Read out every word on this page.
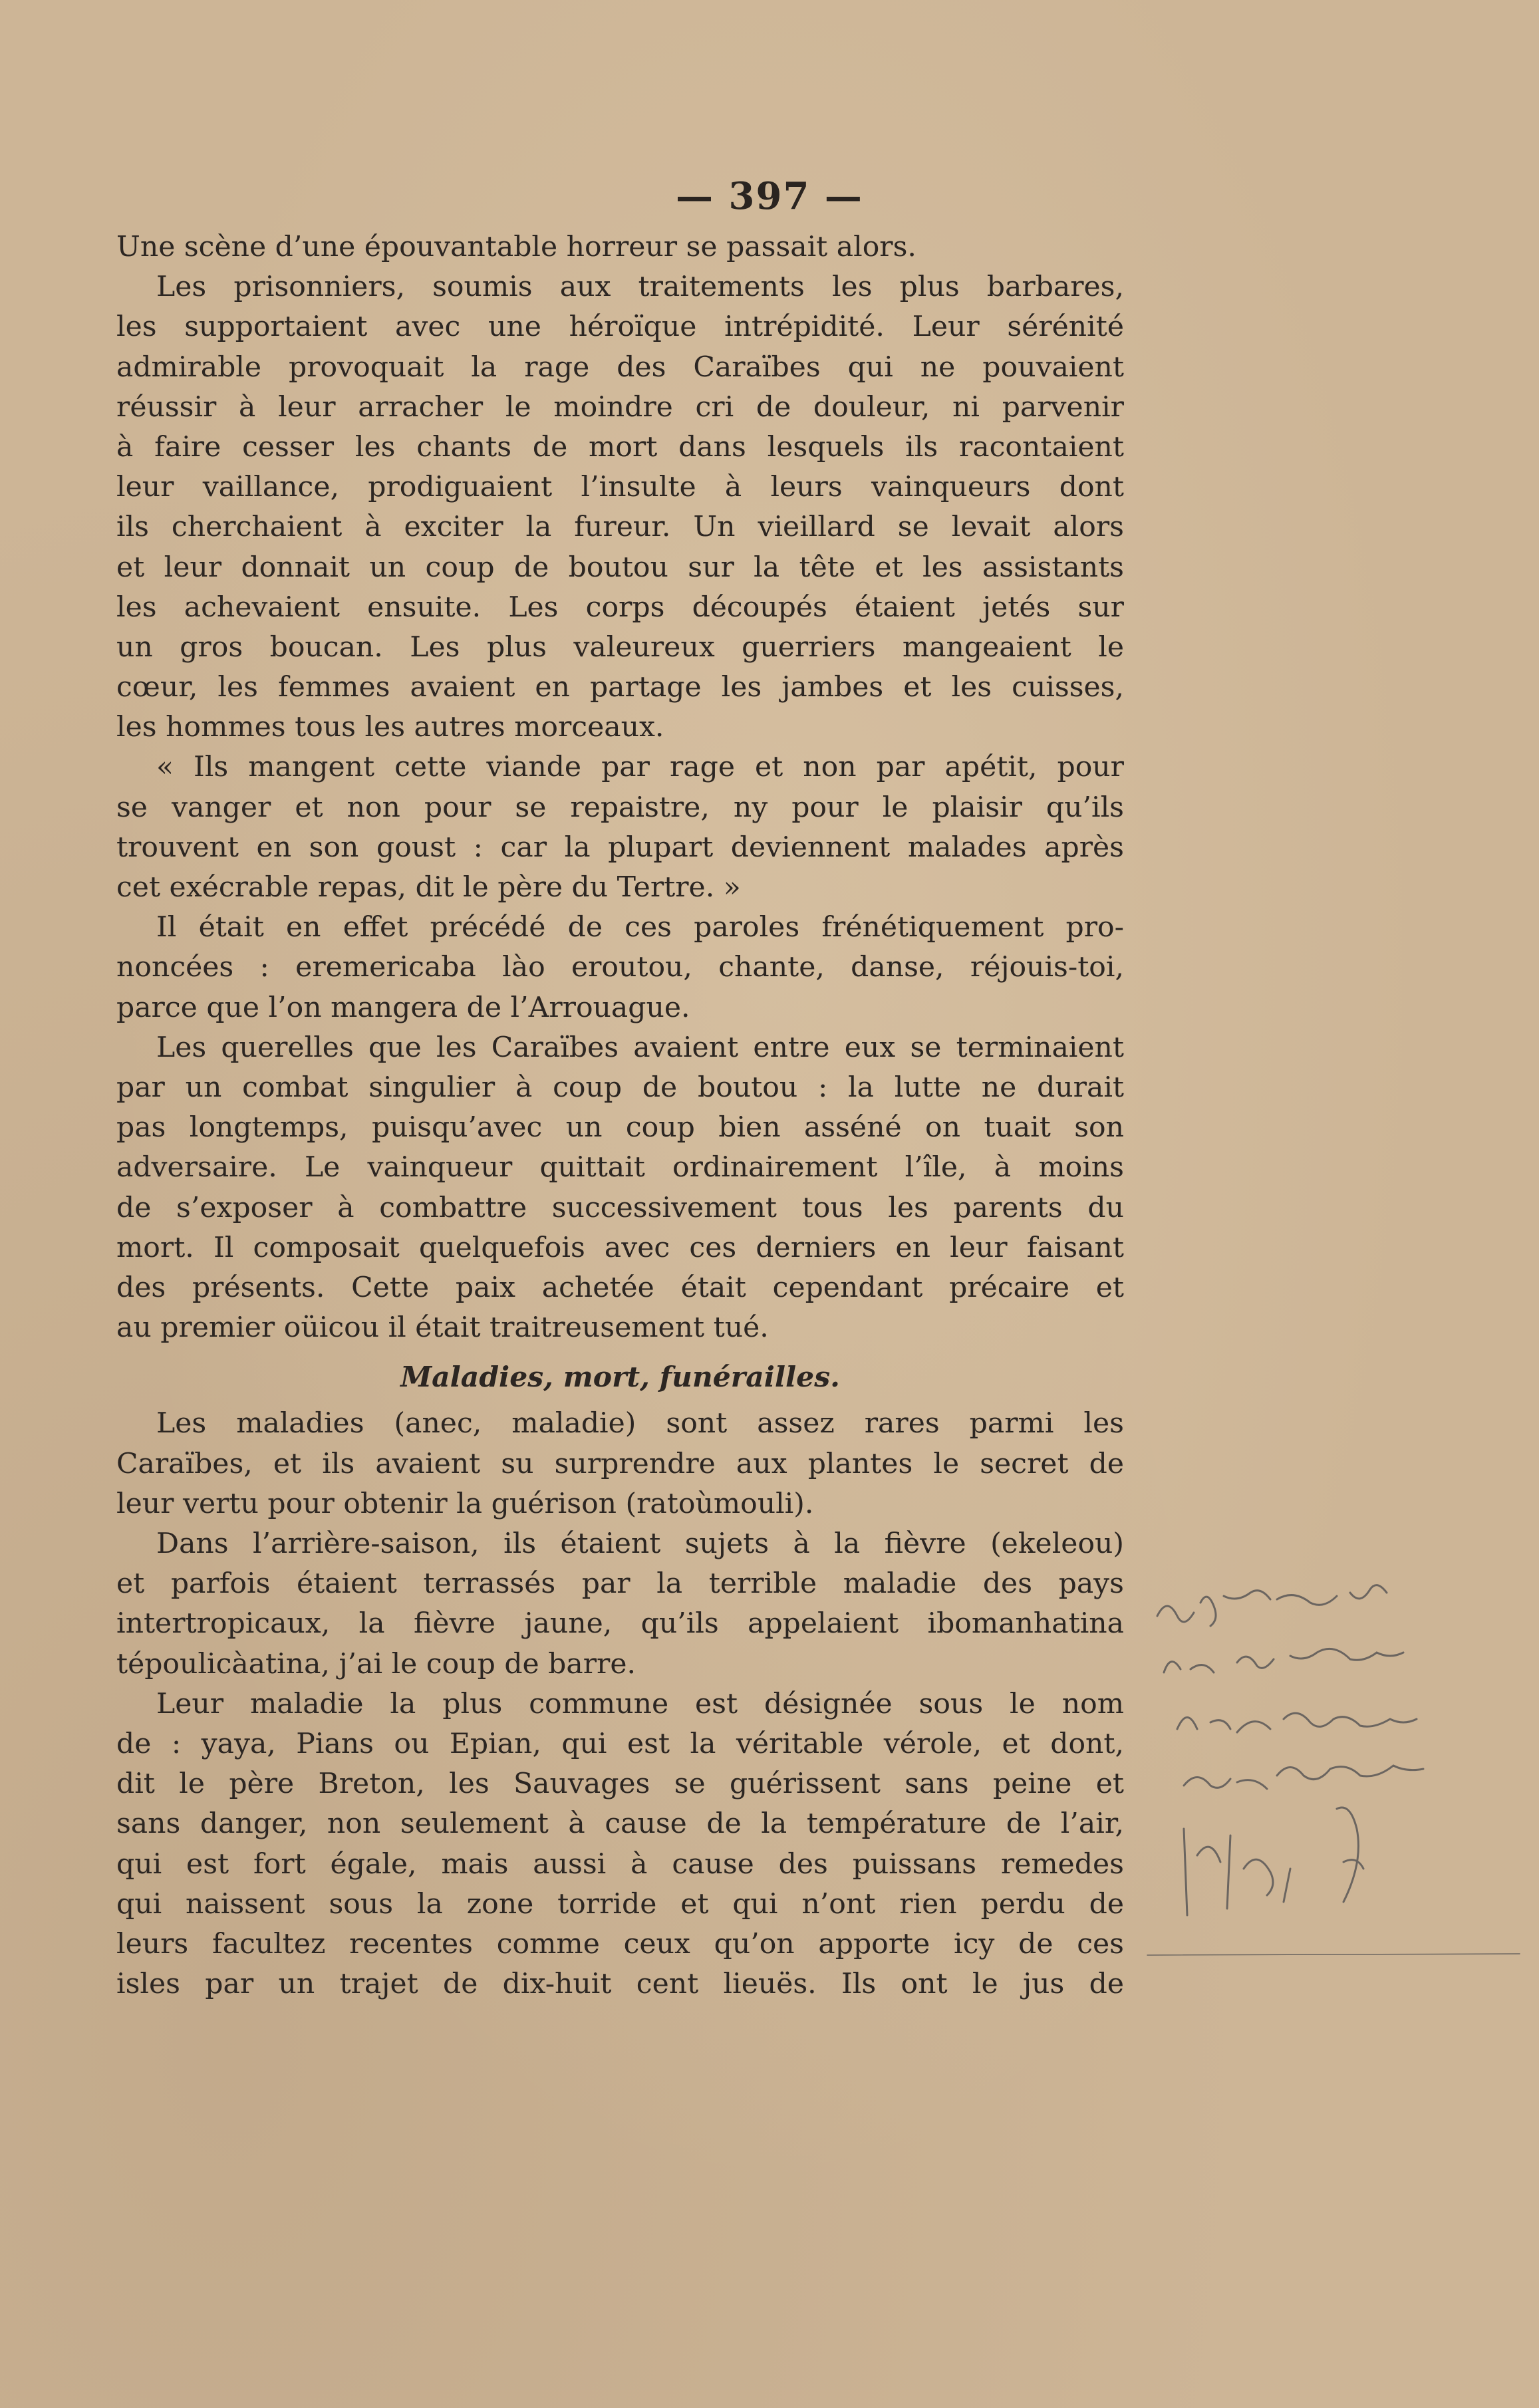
— 397 —
Une scène d’une épouvantable horreur se passait alors.
Les prisonniers, soumis aux traitements les plus barbares,
les supportaient avec une héroïque intrépidité. Leur sérénité
admirable provoquait la rage des Caraïbes qui ne pouvaient
réussir à leur arracher le moindre cri de douleur, ni parvenir
à faire cesser les chants de mort dans lesquels ils racontaient
leur vaillance, prodiguaient l’insulte à leurs vainqueurs dont
ils cherchaient à exciter la fureur. Un vieillard se levait alors
et leur donnait un coup de boutou sur la tête et les assistants
les achevaient ensuite. Les corps découpés étaient jetés sur
un gros boucan. Les plus valeureux guerriers mangeaient le
cœur, les femmes avaient en partage les jambes et les cuisses,
les hommes tous les autres morceaux.
« Ils mangent cette viande par rage et non par apétit, pour
se vanger et non pour se repaistre, ny pour le plaisir qu’ils
trouvent en son goust : car la plupart deviennent malades après
cet exécrable repas, dit le père du Tertre. »
Il était en effet précédé de ces paroles frénétiquement pro-
noncées : eremericaba lào eroutou, chante, danse, réjouis-toi,
parce que l’on mangera de l’Arrouague.
Les querelles que les Caraïbes avaient entre eux se terminaient
par un combat singulier à coup de boutou : la lutte ne durait
pas longtemps, puisqu’avec un coup bien asséné on tuait son
adversaire. Le vainqueur quittait ordinairement l’île, à moins
de s’exposer à combattre successivement tous les parents du
mort. Il composait quelquefois avec ces derniers en leur faisant
des présents. Cette paix achetée était cependant précaire et
au premier oüicou il était traitreusement tué.
Maladies, mort, funérailles.
Les maladies (anec, maladie) sont assez rares parmi les
Caraïbes, et ils avaient su surprendre aux plantes le secret de
leur vertu pour obtenir la guérison (ratoùmouli).
Dans l’arrière-saison, ils étaient sujets à la fièvre (ekeleou)
et parfois étaient terrassés par la terrible maladie des pays
intertropicaux, la fièvre jaune, qu’ils appelaient ibomanhatina
tépoulicàatina, j’ai le coup de barre.
Leur maladie la plus commune est désignée sous le nom
de : yaya, Pians ou Epian, qui est la véritable vérole, et dont,
dit le père Breton, les Sauvages se guérissent sans peine et
sans danger, non seulement à cause de la température de l’air,
qui est fort égale, mais aussi à cause des puissans remedes
qui naissent sous la zone torride et qui n’ont rien perdu de
leurs facultez recentes comme ceux qu’on apporte icy de ces
isles par un trajet de dix-huit cent lieuës. Ils ont le jus de
